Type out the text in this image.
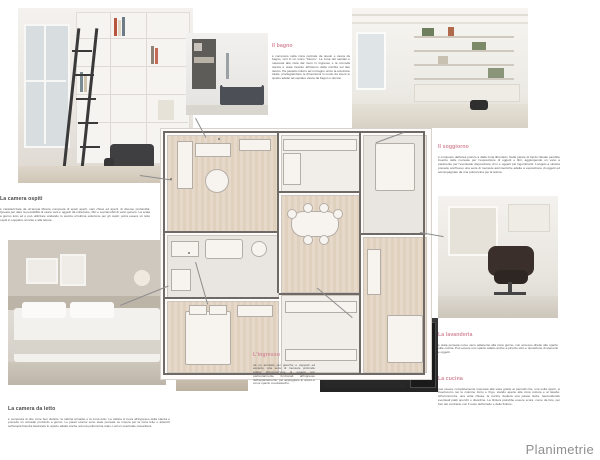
Il bagno
è composto nella zona centrale da tavolo e vasca da bagno, unit in un unico "blocco". La zona del sanitari è nascosta alla vista dal muro in ingresso e la comoda doccia è stata incanto all'interno della nicchia sul lato destro. Ha pastello ridurre ad un bagno unico la soluzione totale, privilegiandone le dimensioni in modo da avere lo spazio adatto ad ospitare vasca da bagno e doccia.
Il soggiorno
è composto dall'area pranzo a dalla zona libreria/tv. Nella parete di fondo l'ideale sarebbe inserire delle mensole per l'esposizione di oggetti e libri, aggiungendo un vano a pavimento per l'eventuale disposizione di tv e oggetti più ingombranti. L'angolo a sinistra prevede anch'esso una serie di mensole asimmetriche adatte a esposizione di oggetti ed accompagnate da una poltroncina per la lettura.
La camera ospiti
è caratterizzata da un'ampia libreria composta di spazi aperti, vani chiusi ed aperti, di diverse profondità. Questa per dare la possibilità di usare vani e oggetti da collezione, libri e sopramobili di vario genere. La scala a giorno letto ed è può utilizzare andando lo stanza un'ottima soluzione per gli ospiti: potrà essere un letto ospiti in soppalco al relax e alla lettura.
La lavanderia
è stata pensata come vano adiacente alla zona giorno, con accesso diretto allo spazio utile cucina. Può essere uno spazio adatto anche a piccolo stiro e riposizione di elementi e oggetti.
La cucina
può essere completamente nascosta alla vista grazie ai pannelli che, una volta aperti, si inseriscono nei le colonne forno e frigo, stando aperte alla zona cottura e al lavabo. All'occorrenza, una volta chiusa, la cucina risulterà una parete liscia, nascondendo eventuali piatti sporchi o disordine. La finitura potrebbe essere scura, come da foto, per ben dei contrasto con il resto dell'arredo e delle finiture.
L'ingresso
da un armadio per giacche e cappotti ed accanto, una serie di mensole profonde adatte all'esposizione di oggetti non particolarmente funzionali all'ingresso dell'appartamento; per appoggiare lo sposo e come spazio svuotatasche.
La camera da letto
è composta di due zone ben distinte: la cabina armadio e la zona letto. La cabina si trova all'ingresso della stanza e prevede un armadio profondo a giorno. Le pareti scarne sono state pensate su misura per la zona letto e attacchi sull'ampia finestra lasciando lo spazio adatto anche ad una poltroncina relax o ad un eventuale cassettiera.
Planimetrie
